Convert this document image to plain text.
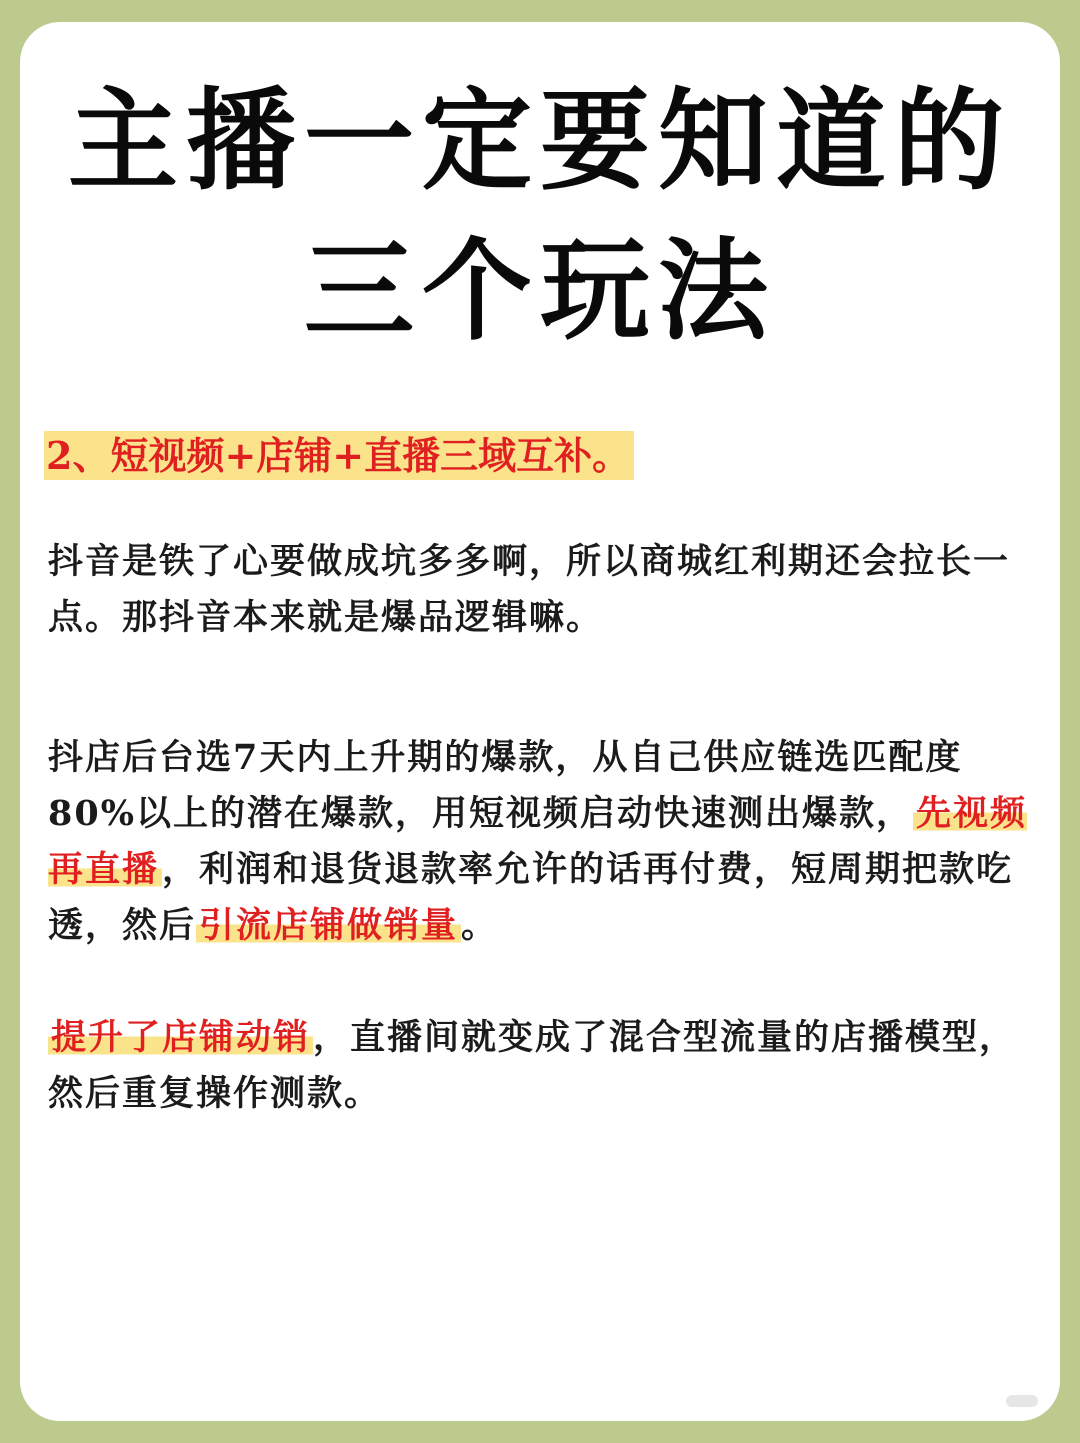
主播一定要知道的
三个玩法
2、短视频+店铺+直播三域互补。

抖音是铁了心要做成坑多多啊，所以商城红利期还会拉长一点。那抖音本来就是爆品逻辑嘛。

抖店后台选7天内上升期的爆款，从自己供应链选匹配度80%以上的潜在爆款，用短视频启动快速测出爆款，先视频再直播，利润和退货退款率允许的话再付费，短周期把款吃透，然后引流店铺做销量。

提升了店铺动销，直播间就变成了混合型流量的店播模型，然后重复操作测款。
